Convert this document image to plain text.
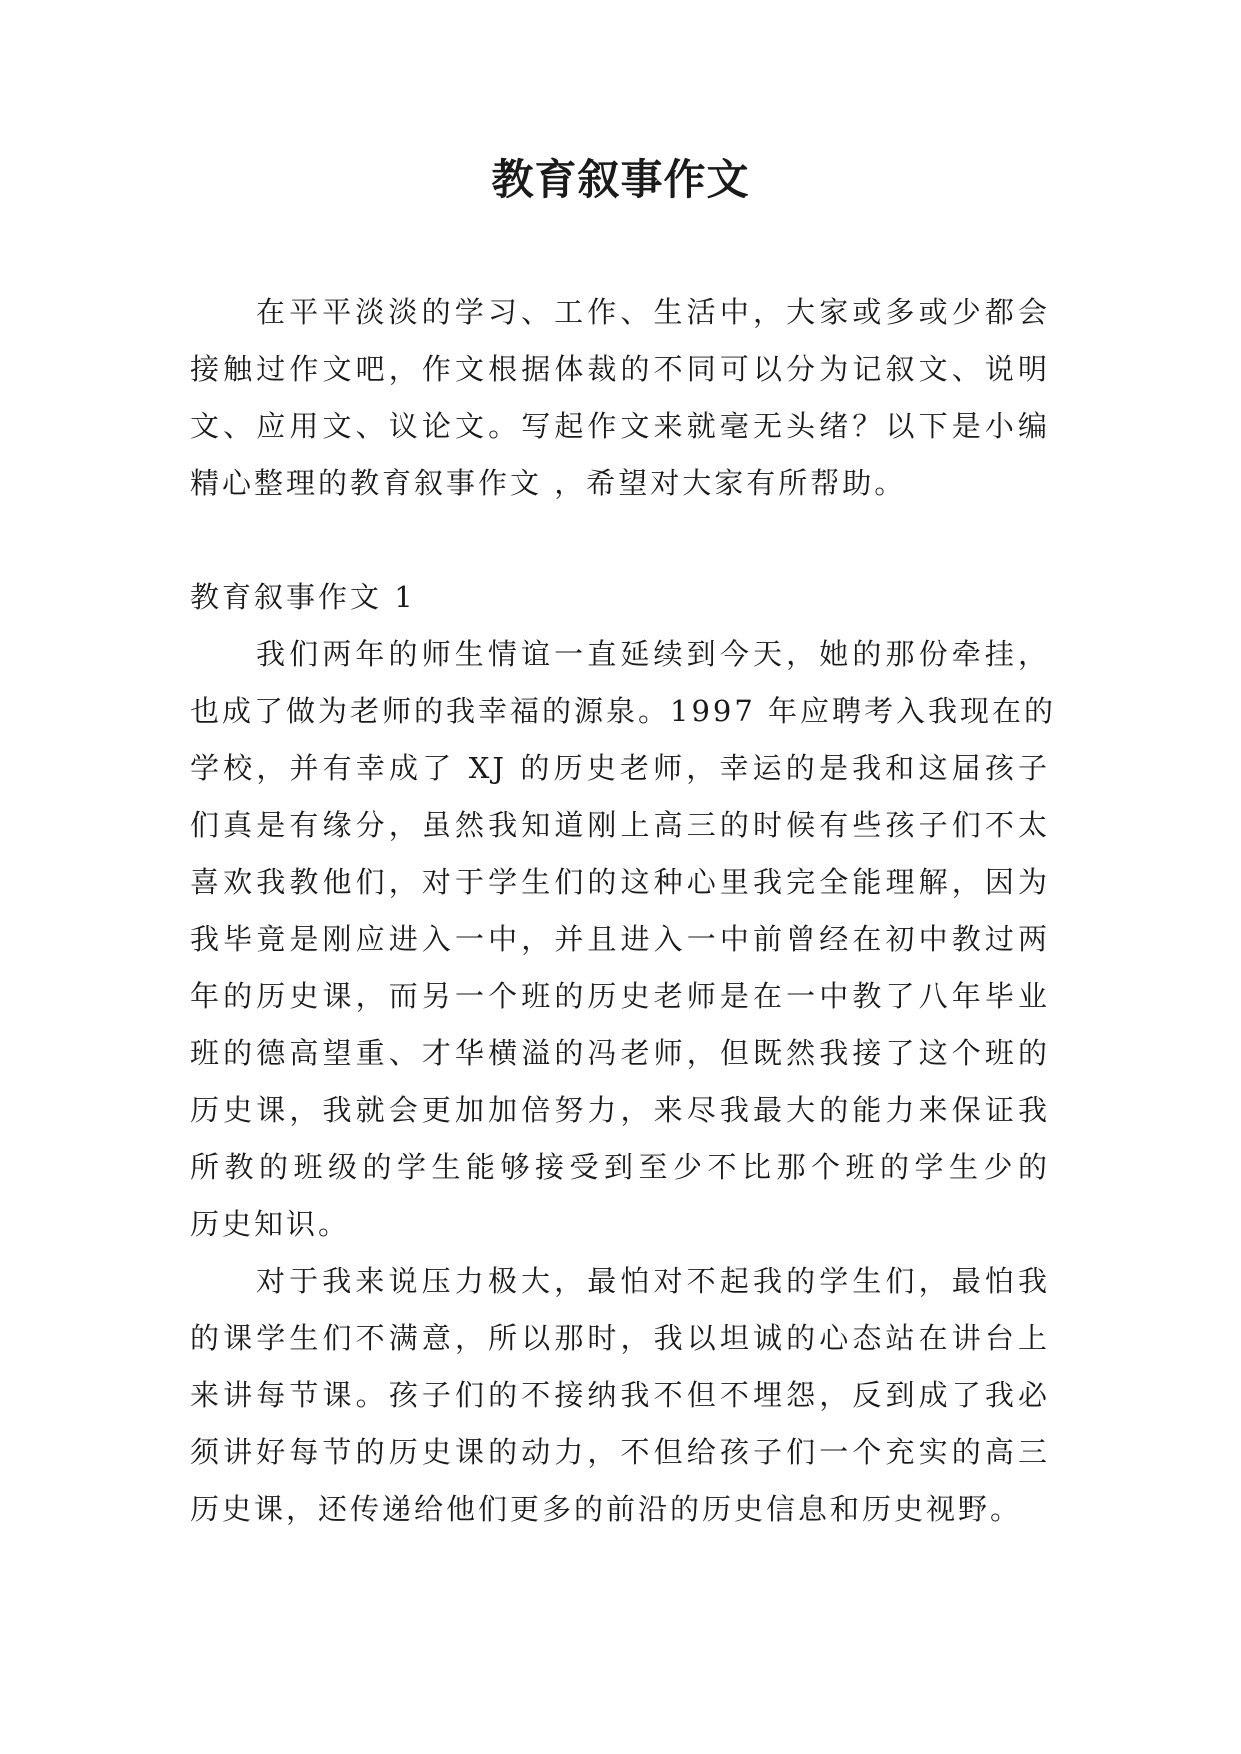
教育叙事作文
在平平淡淡的学习、工作、生活中，大家或多或少都会
接触过作文吧，作文根据体裁的不同可以分为记叙文、说明
文、应用文、议论文。写起作文来就毫无头绪？以下是小编
精心整理的教育叙事作文 ，希望对大家有所帮助。
教育叙事作文 1
我们两年的师生情谊一直延续到今天，她的那份牵挂，
也成了做为老师的我幸福的源泉。1997 年应聘考入我现在的
学校，并有幸成了 XJ 的历史老师，幸运的是我和这届孩子
们真是有缘分，虽然我知道刚上高三的时候有些孩子们不太
喜欢我教他们，对于学生们的这种心里我完全能理解，因为
我毕竟是刚应进入一中，并且进入一中前曾经在初中教过两
年的历史课，而另一个班的历史老师是在一中教了八年毕业
班的德高望重、才华横溢的冯老师，但既然我接了这个班的
历史课，我就会更加加倍努力，来尽我最大的能力来保证我
所教的班级的学生能够接受到至少不比那个班的学生少的
历史知识。
对于我来说压力极大，最怕对不起我的学生们，最怕我
的课学生们不满意，所以那时，我以坦诚的心态站在讲台上
来讲每节课。孩子们的不接纳我不但不埋怨，反到成了我必
须讲好每节的历史课的动力，不但给孩子们一个充实的高三
历史课，还传递给他们更多的前沿的历史信息和历史视野。
